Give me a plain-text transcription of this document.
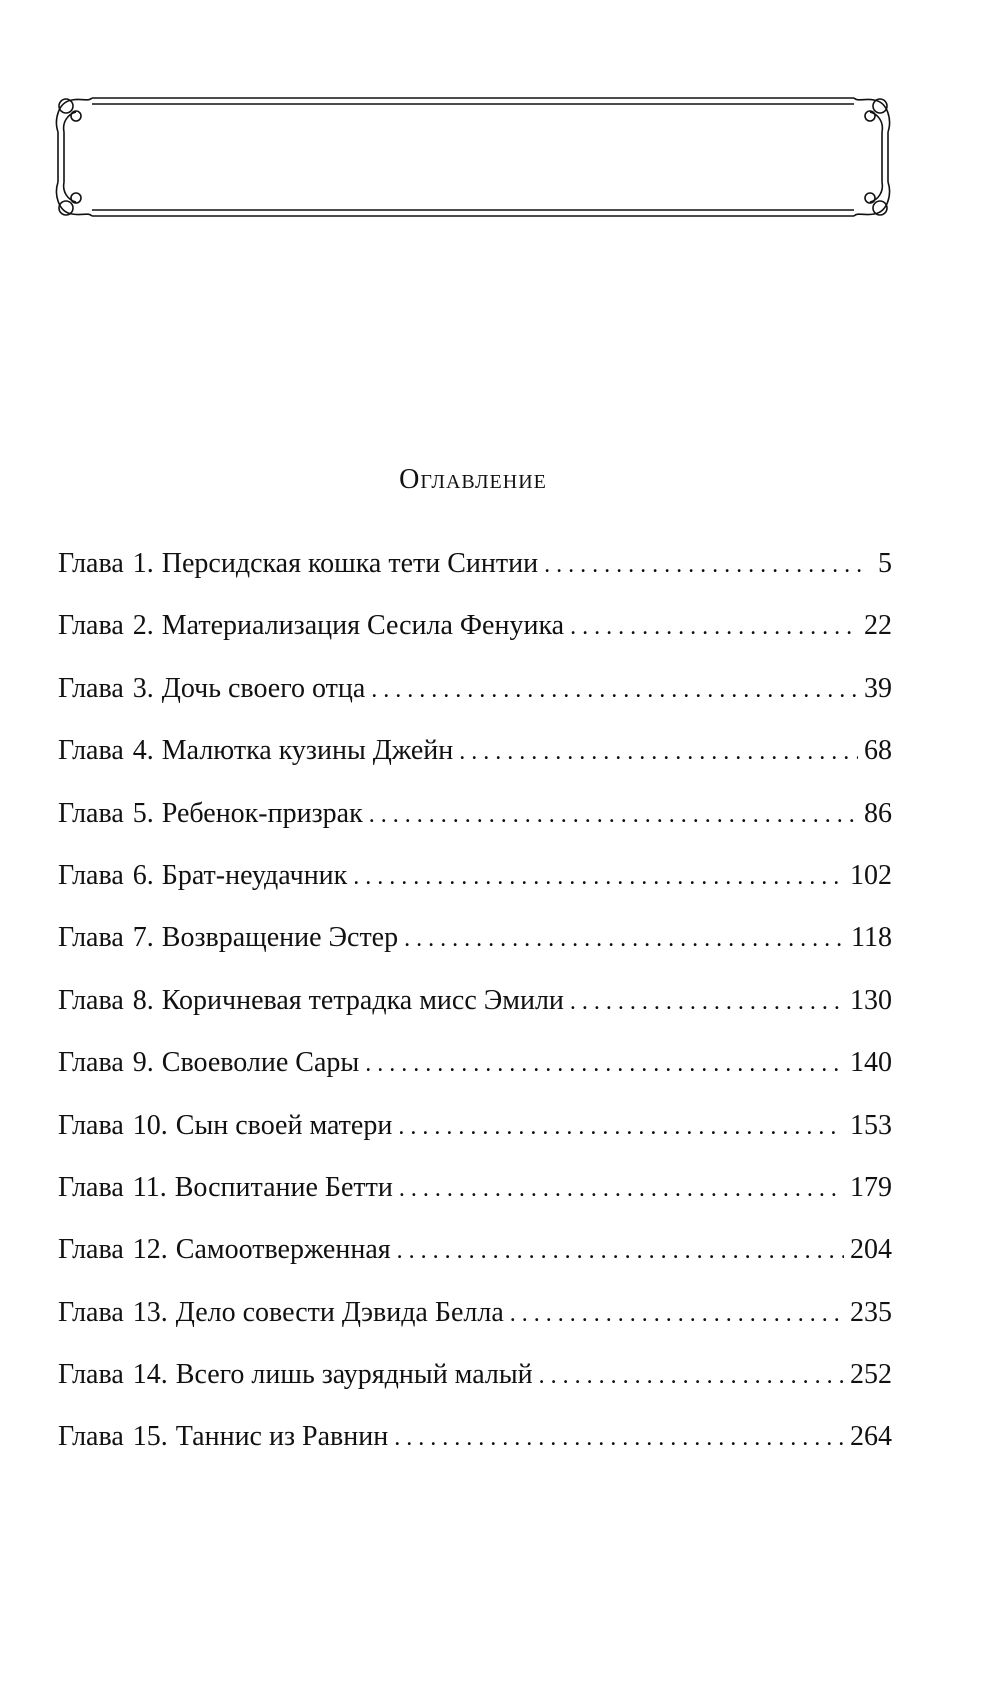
Оглавление
Глава 1. Персидская кошка тети Синтии . . .	5
Глава 2. Материализация Сесила Фенуика . . .	22
Глава 3. Дочь своего отца . . .	39
Глава 4. Малютка кузины Джейн . . .	68
Глава 5. Ребенок-призрак . . .	86
Глава 6. Брат-неудачник . . .	102
Глава 7. Возвращение Эстер . . .	118
Глава 8. Коричневая тетрадка мисс Эмили . . .	130
Глава 9. Своеволие Сары . . .	140
Глава 10. Сын своей матери . . .	153
Глава 11. Воспитание Бетти . . .	179
Глава 12. Самоотверженная . . .	204
Глава 13. Дело совести Дэвида Белла . . .	235
Глава 14. Всего лишь заурядный малый . . .	252
Глава 15. Таннис из Равнин . . .	264
